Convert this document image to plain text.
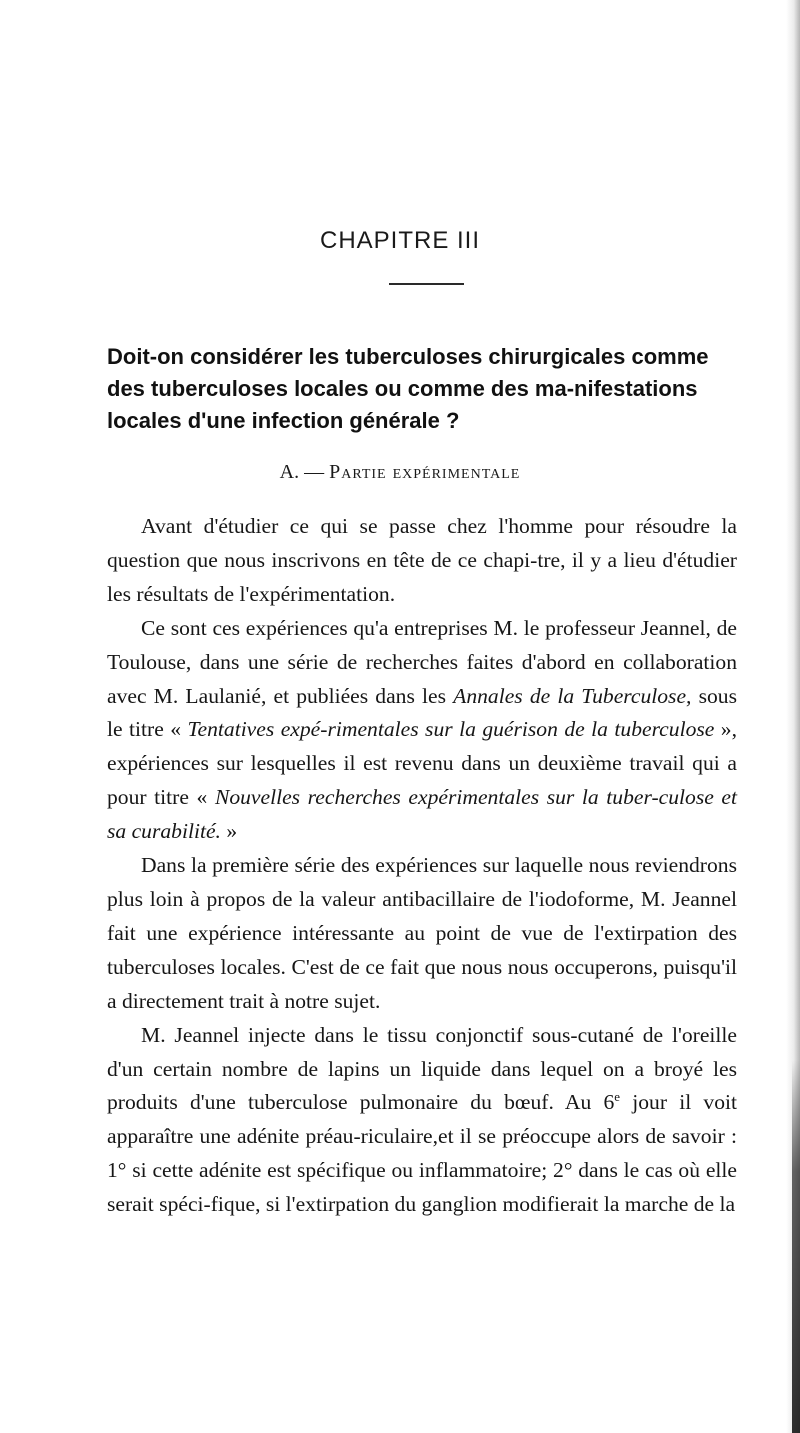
CHAPITRE III
Doit-on considérer les tuberculoses chirurgicales comme des tuberculoses locales ou comme des ma-nifestations locales d'une infection générale ?
A. — Partie expérimentale

Avant d'étudier ce qui se passe chez l'homme pour résoudre la question que nous inscrivons en tête de ce chapi-tre, il y a lieu d'étudier les résultats de l'expérimentation.

Ce sont ces expériences qu'a entreprises M. le professeur Jeannel, de Toulouse, dans une série de recherches faites d'abord en collaboration avec M. Laulanié, et publiées dans les Annales de la Tuberculose, sous le titre « Tentatives expé-rimentales sur la guérison de la tuberculose », expériences sur lesquelles il est revenu dans un deuxième travail qui a pour titre « Nouvelles recherches expérimentales sur la tuber-culose et sa curabilité. »

Dans la première série des expériences sur laquelle nous reviendrons plus loin à propos de la valeur antibacillaire de l'iodoforme, M. Jeannel fait une expérience intéressante au point de vue de l'extirpation des tuberculoses locales. C'est de ce fait que nous nous occuperons, puisqu'il a directement trait à notre sujet.

M. Jeannel injecte dans le tissu conjonctif sous-cutané de l'oreille d'un certain nombre de lapins un liquide dans lequel on a broyé les produits d'une tuberculose pulmonaire du bœuf. Au 6e jour il voit apparaître une adénite préau-riculaire,et il se préoccupe alors de savoir : 1° si cette adénite est spécifique ou inflammatoire; 2° dans le cas où elle serait spéci-fique, si l'extirpation du ganglion modifierait la marche de la
